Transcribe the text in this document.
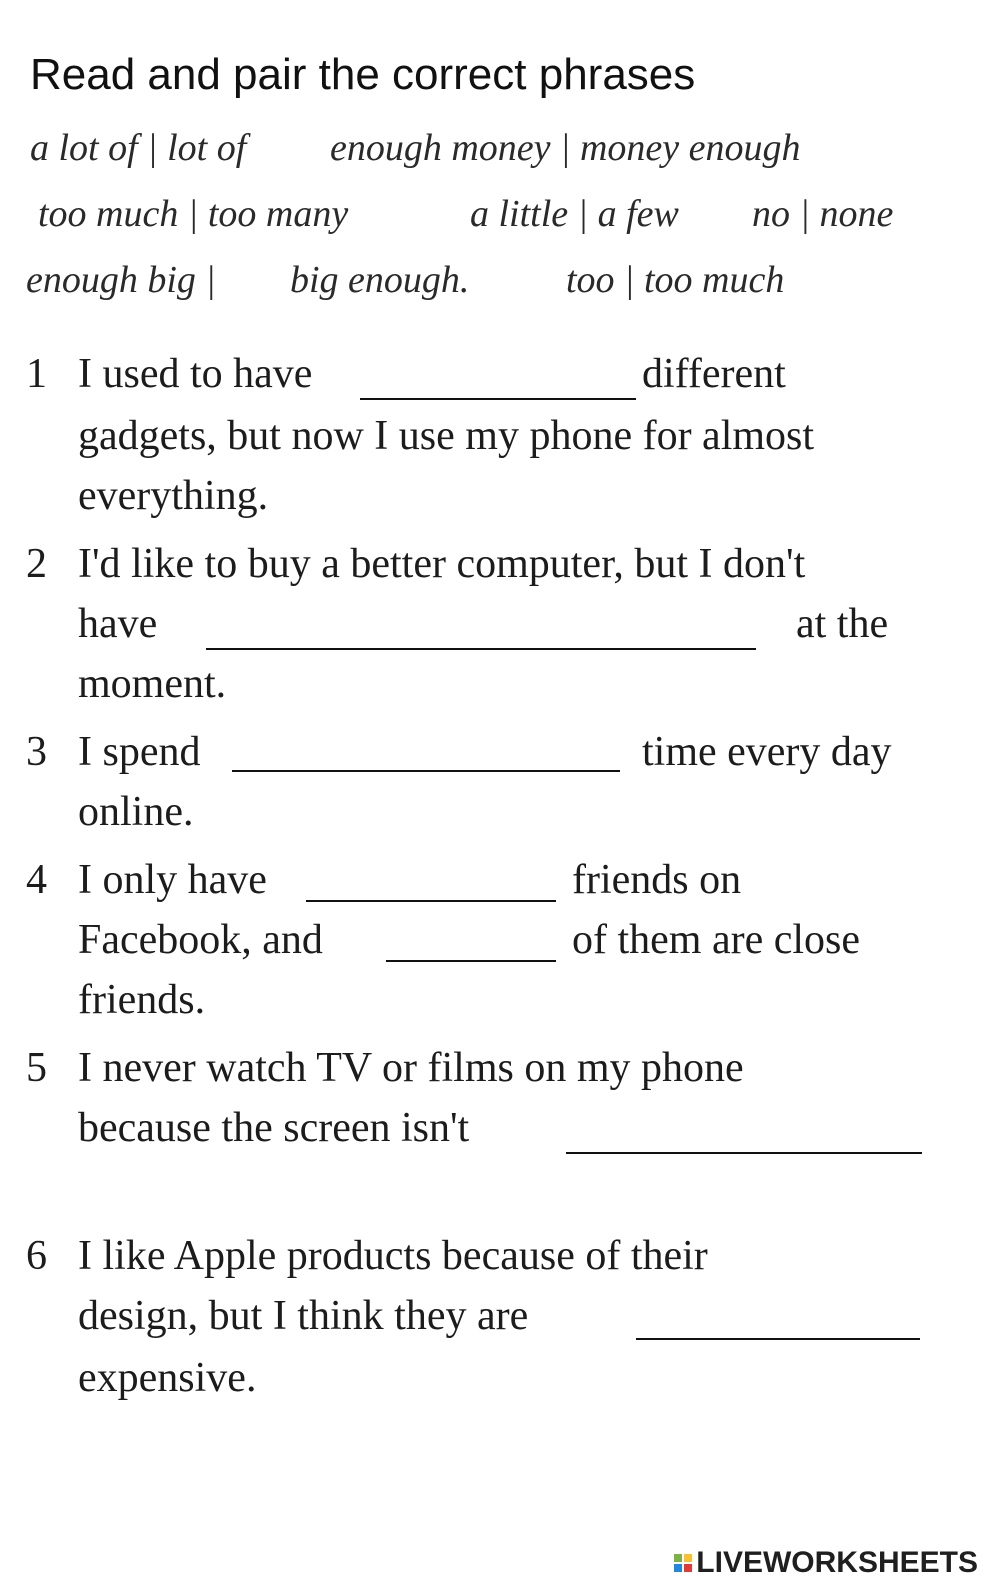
Read and pair the correct phrases
a lot of | lot of enough money | money enough
too much | too many	a little | a few no | none
enough big | big enough.	too | too much
1 I used to have	different
gadgets, but now I use my phone for almost
everything.
2 I'd like to buy a better computer, but I don't
have	at the
moment.
3 I spend	time every day
online.
4 I only have	friends on
Facebook, and	of them are close
friends.
5 I never watch TV or films on my phone
because the screen isn't
6 I like Apple products because of their
design, but I think they are
expensive.
LIVEWORKSHEETS
